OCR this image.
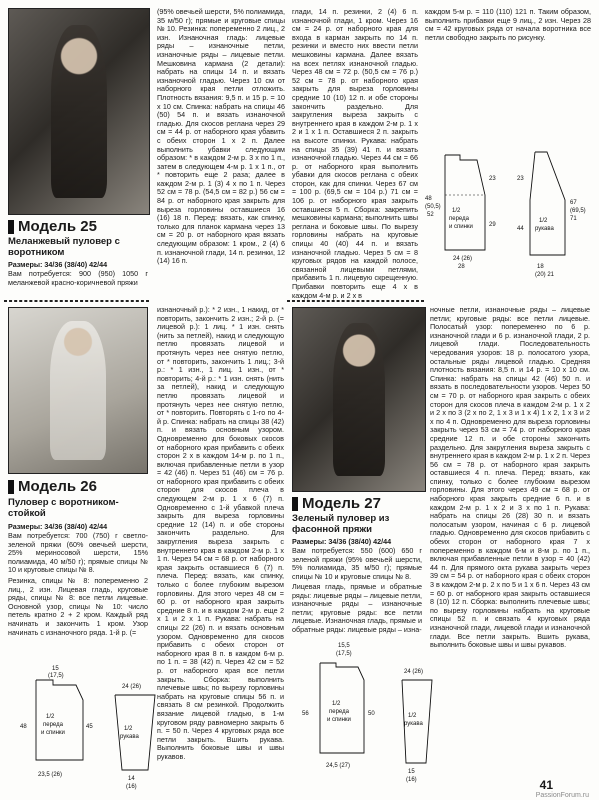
Модель 25
Меланжевый пуловер с воротником
Размеры: 34/36 (38/40) 42/44
Вам потребуется: 900 (950) 1050 г меланжевой красно-коричневой пряжи
(95% овечьей шерсти, 5% полиамида, 35 м/50 г); прямые и круговые спицы № 10. Резинка: попеременно 2 лиц., 2 изн. Изнаночная гладь: лицевые ряды – изнаночные петли, изнаночные ряды – лицевые петли. Мешковина кармана (2 детали): набрать на спицы 14 п. и вязать изнаночной гладью. Через 10 см от наборного края петли отложить. Плотность вязания: 9,5 п. и 15 р. = 10 х 10 см. Спинка: набрать на спицы 46 (50) 54 п. и вязать изнаночной гладью. Для скосов реглана через 29 см = 44 р. от наборного края убавить с обеих сторон 1 х 2 п. Далее выполнить убавки следующим образом: * в каждом 2-м р. 3 х по 1 п., затем в следующем 4-м р. 1 х 1 п., от * повторить еще 2 раза; далее в каждом 2-м р. 1 (3) 4 х по 1 п. Через 52 см = 78 р. (54,5 см = 82 р.) 56 см = 84 р. от наборного края закрыть для выреза горловины оставшиеся 16 (16) 18 п. Перед: вязать, как спинку, только для планок кармана через 13 см = 20 р. от наборного края вязать следующим образом: 1 кром., 2 (4) 6 п. изнаночной глади, 14 п. резинки, 12 (14) 16 п.
глади, 14 п. резинки, 2 (4) 6 п. изнаночной глади, 1 кром. Через 16 см = 24 р. от наборного края для входа в карман закрыть по 14 п. резинки и вместо них ввести петли мешковины кармана. Далее вязать на всех петлях изнаночной гладью. Через 48 см = 72 р. (50,5 см = 76 р.) 52 см = 78 р. от наборного края закрыть для выреза горловины средние 10 (10) 12 п. и обе стороны закончить раздельно. Для закругления выреза закрыть с внутреннего края в каждом 2-м р. 1 х 2 и 1 х 1 п. Оставшиеся 2 п. закрыть на высоте спинки. Рукава: набрать на спицы 35 (39) 41 п. и вязать изнаночной гладью. Через 44 см = 66 р. от наборного края выполнить убавки для скосов реглана с обеих сторон, как для спинки. Через 67 см = 100 р. (69,5 см = 104 р.) 71 см = 106 р. от наборного края закрыть оставшиеся 5 п. Сборка: закрепить мешковины кармана; выполнить швы реглана и боковые швы. По вырезу горловины набрать на круговые спицы 40 (40) 44 п. и вязать изнаночной гладью. Через 5 см = 8 круговых рядов на каждой полосе, связанной лицевыми петлями, прибавить 1 п. лицевую скрещенную. Прибавки повторить еще 4 х в каждом 4-м р. и 2 х в
каждом 5-м р. = 110 (110) 121 п. Таким образом, выполнить прибавки еще 9 лиц., 2 изн. Через 28 см = 42 круговых ряда от начала воротника все петли свободно закрыть по рисунку.
1/2
переда
и спинки
48
(50,5)
52
23
29
24 (26)
28
1/2
рукава
67
(69,5)
71
23
44
18
(20) 21
Модель 26
Пуловер с воротником-стойкой
Размеры: 34/36 (38/40) 42/44
Вам потребуется: 700 (750) г светло-зеленой пряжи (60% овечьей шерсти, 25% мериносовой шерсти, 15% полиамида, 40 м/50 г); прямые спицы № 10 и круговые спицы № 8.
Резинка, спицы № 8: попеременно 2 лиц., 2 изн. Лицевая гладь, круговые ряды, спицы № 8: все петли лицевые. Основной узор, спицы № 10: число петель кратно 2 + 2 кром. Каждый ряд начинать и закончить 1 кром. Узор начинать с изнаночного ряда. 1-й р. (=
изнаночный р.): * 2 изн., 1 накид, от * повторить, закончить 2 изн.; 2-й р. (= лицевой р.): 1 лиц. * 1 изн. снять (нить за петлей), накид и следующую петлю провязать лицевой и протянуть через нее снятую петлю, от * повторить, закончить 1 лиц.; 3-й р.: * 1 изн., 1 лиц. 1 изн., от * повторить; 4-й р.: * 1 изн. снять (нить за петлей), накид и следующую петлю провязать лицевой и протянуть через нее снятую петлю, от * повторить. Повторять с 1-го по 4-й р. Спинка: набрать на спицы 38 (42) п. и вязать основным узором. Одновременно для боковых скосов от наборного края прибавить с обеих сторон 2 х в каждом 14-м р. по 1 п., включая прибавленные петли в узор = 42 (46) п. Через 51 (46) см = 76 р. от наборного края прибавить с обеих сторон для скосов плеча в следующем 2-м р. 1 х 6 (7) п. Одновременно с 1-й убавкой плеча закрыть для выреза горловины средние 12 (14) п. и обе стороны закончить раздельно. Для закругления выреза закрыть с внутреннего края в каждом 2-м р. 1 х 1 п. Через 54 см = 68 р. от наборного края закрыть оставшиеся 6 (7) п. плеча. Перед: вязать, как спинку, только с более глубоким вырезом горловины. Для этого через 48 см = 60 р. от наборного края закрыть средние 8 п. и в каждом 2-м р. еще 2 х 1 и 2 х 1 п. Рукава: набрать на спицы 22 (26) п. и вязать основным узором. Одновременно для скосов прибавить с обеих сторон от наборного края 8 п. в каждом 6-м р. по 1 п. = 38 (42) п. Через 42 см = 52 р. от наборного края все петли закрыть. Сборка: выполнить плечевые швы; по вырезу горловины набрать на круговые спицы 56 п. и связать 8 см резинкой. Продолжить вязание лицевой гладью, в 1-м круговом ряду равномерно закрыть 6 п. = 50 п. Через 4 круговых ряда все петли закрыть. Вшить рукава. Выполнить боковые швы и швы рукавов.
15
(17,5)
1/2
переда
и спинки
48	45
23,5 (26)
1/2
рукава
24 (26)
14
(16)
Модель 27
Зеленый пуловер из фасонной пряжи
Размеры: 34/36 (38/40) 42/44
Вам потребуется: 550 (600) 650 г зеленой пряжи (95% овечьей шерсти, 5% полиамида, 35 м/50 г); прямые спицы № 10 и круговые спицы № 8.
Лицевая гладь, прямые и обратные ряды: лицевые ряды – лицевые петли, изнаночные ряды – изнаночные петли; круговые ряды: все петли лицевые. Изнаночная гладь, прямые и обратные ряды: лицевые ряды – изна-
ночные петли, изнаночные ряды – лицевые петли; круговые ряды: все петли лицевые. Полосатый узор: попеременно по 6 р. изнаночной глади и 6 р. изнаночной глади, 2 р. лицевой глади. Последовательность чередования узоров: 18 р. полосатого узора, остальные ряды лицевой гладью. Средняя плотность вязания: 8,5 п. и 14 р. = 10 х 10 см. Спинка: набрать на спицы 42 (46) 50 п. и вязать в последовательности узоров. Через 50 см = 70 р. от наборного края закрыть с обеих сторон для скосов плеча в каждом 2-м р. 1 х 2 и 2 х по 3 (2 х по 2, 1 х 3 и 1 х 4) 1 х 2, 1 х 3 и 2 х по 4 п. Одновременно для выреза горловины закрыть через 53 см = 74 р. от наборного края средние 12 п. и обе стороны закончить раздельно. Для закругления выреза закрыть с внутреннего края в каждом 2-м р. 1 х 2 п. Через 56 см = 78 р. от наборного края закрыть оставшиеся 4 п. плеча. Перед: вязать, как спинку, только с более глубоким вырезом горловины. Для этого через 49 см = 68 р. от наборного края закрыть средние 6 п. и в каждом 2-м р. 1 х 2 и 3 х по 1 п. Рукава: набрать на спицы 26 (28) 30 п. и вязать полосатым узором, начиная с 6 р. лицевой гладью. Одновременно для скосов прибавить с обеих сторон от наборного края 7 х попеременно в каждом 6-м и 8-м р. по 1 п., включая прибавленные петли в узор = 40 (42) 44 п. Для прямого окта рукава закрыть через 39 см = 54 р. от наборного края с обеих сторон 3 в каждом 2-м р. 2 х по 5 и 1 х 6 п. Через 43 см = 60 р. от наборного края закрыть оставшиеся 8 (10) 12 п. Сборка: выполнить плечевые швы; по вырезу горловины набрать на круговые спицы 52 п. и связать 4 круговых ряда изнаночной глади, лицевой глади и изнаночной глади. Все петли закрыть. Вшить рукава, выполнить боковые швы и швы рукавов.
15,5
(17,5)
1/2
переда
и спинки
56	50
24,5 (27)
1/2
рукава
24 (26)
15
(16)	41
PassionForum.ru
